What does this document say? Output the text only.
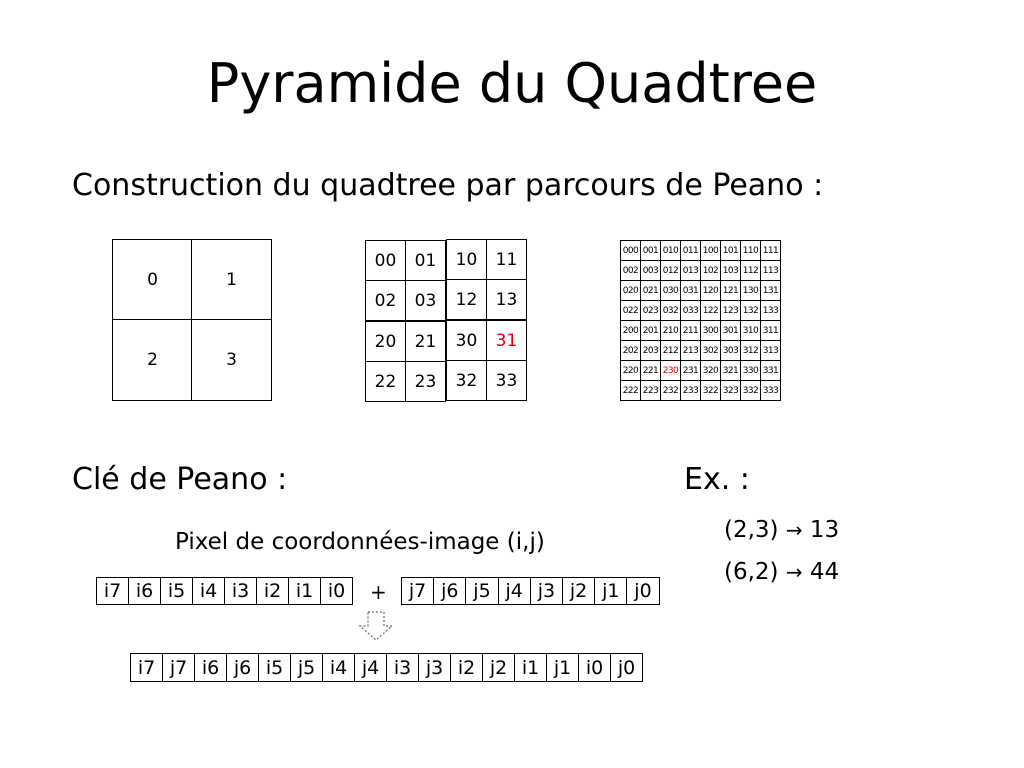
Pyramide du Quadtree
Construction du quadtree par parcours de Peano :
0	1
2	3
00	01	10	11
02	03	12	13
20	21	30	31
22	23	32	33
000 001 010 011 100 101 110 111
002 003 012 013 102 103 112 113
020 021 030 031 120 121 130 131
022 023 032 033 122 123 132 133
200 201 210 211 300 301 310 311
202 203 212 213 302 303 312 313
220 221 230 231 320 321 330 331
222 223 232 233 322 323 332 333
Clé de Peano :	Ex. :
(2,3) → 13
(6,2) → 44
Pixel de coordonnées-image (i,j)
i7 i6 i5 i4 i3 i2 i1 i0	+	j7 j6 j5 j4 j3 j2 j1 j0
i7 j7 i6 j6 i5 j5 i4 j4 i3 j3 i2 j2 i1 j1 i0 j0
